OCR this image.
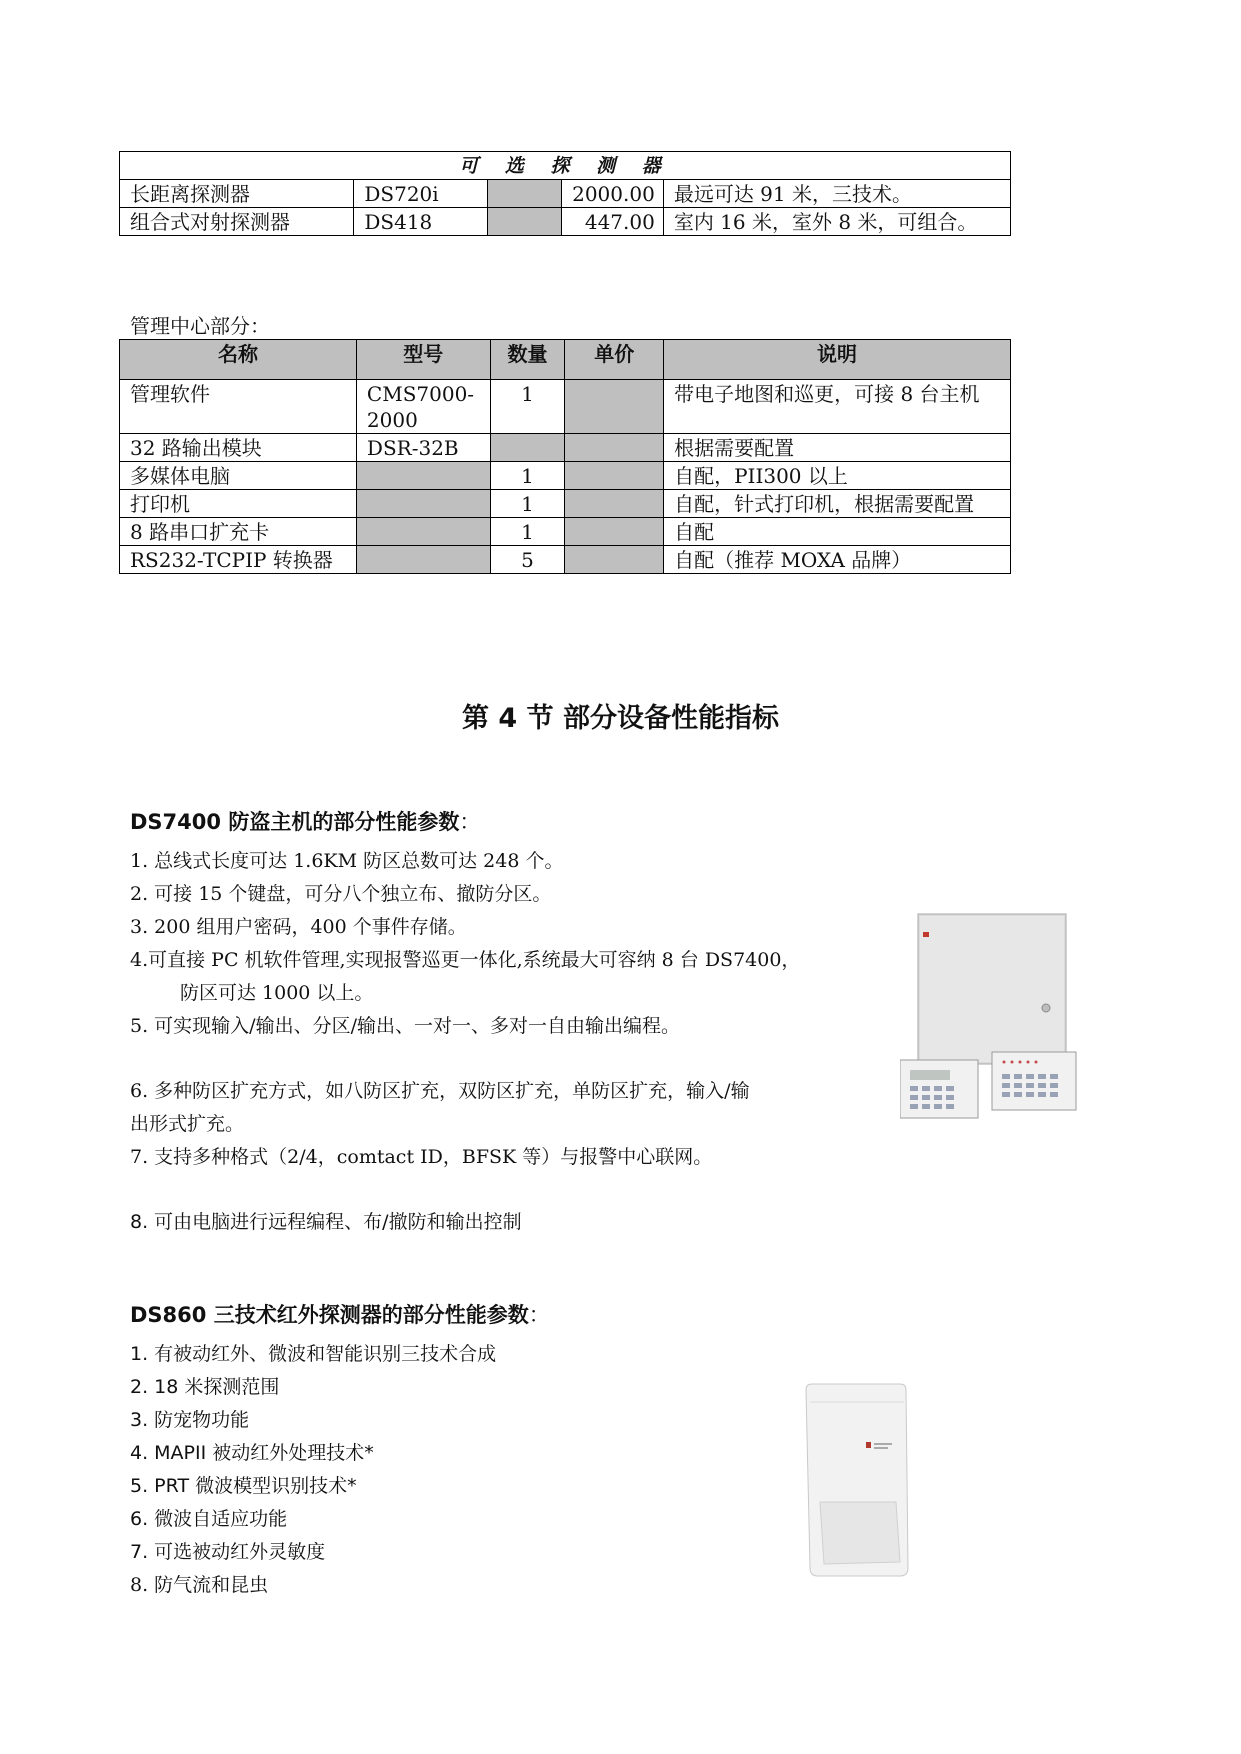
可 选 探 测 器				
长距离探测器	DS720i		2000.00	最远可达 91 米，三技术。
组合式对射探测器	DS418		447.00	室内 16 米，室外 8 米，可组合。
管理中心部分：
名称	型号	数量	单价	说明
管理软件	CMS7000-2000	1		带电子地图和巡更，可接 8 台主机
32 路输出模块	DSR-32B			根据需要配置
多媒体电脑		1		自配，PII300 以上
打印机		1		自配，针式打印机，根据需要配置
8 路串口扩充卡		1		自配
RS232-TCPIP 转换器		5		自配（推荐 MOXA 品牌）
第 4 节 部分设备性能指标
DS7400 防盗主机的部分性能参数：
1. 总线式长度可达 1.6KM 防区总数可达 248 个。
2. 可接 15 个键盘，可分八个独立布、撤防分区。
3. 200 组用户密码，400 个事件存储。
4.可直接 PC 机软件管理,实现报警巡更一体化,系统最大可容纳 8 台 DS7400，
防区可达 1000 以上。
5. 可实现输入/输出、分区/输出、一对一、多对一自由输出编程。
6. 多种防区扩充方式，如八防区扩充，双防区扩充，单防区扩充，输入/输
出形式扩充。
7. 支持多种格式（2/4，comtact ID，BFSK 等）与报警中心联网。
8. 可由电脑进行远程编程、布/撤防和输出控制
DS860 三技术红外探测器的部分性能参数：
1. 有被动红外、微波和智能识别三技术合成
2. 18 米探测范围
3. 防宠物功能
4. MAPII 被动红外处理技术*
5. PRT 微波模型识别技术*
6. 微波自适应功能
7. 可选被动红外灵敏度
8. 防气流和昆虫
